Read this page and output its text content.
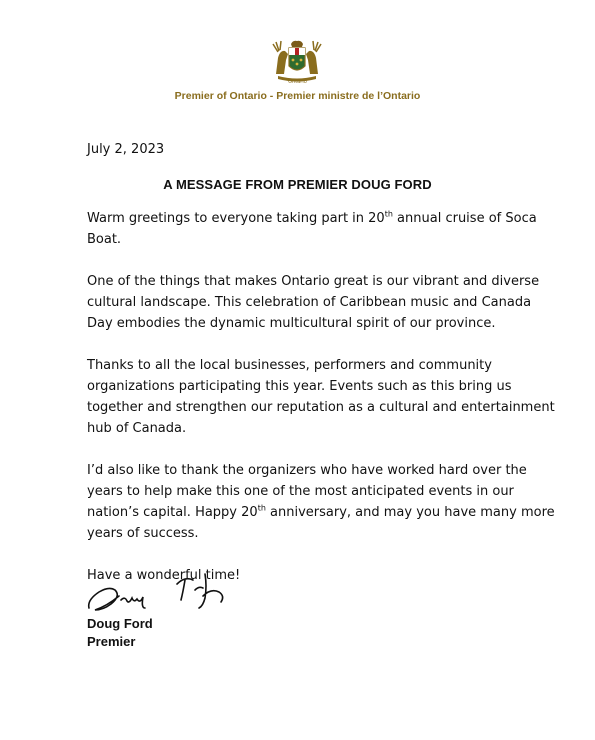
Ontario
Premier of Ontario - Premier ministre de l’Ontario
July 2, 2023
A MESSAGE FROM PREMIER DOUG FORD

Warm greetings to everyone taking part in 20th annual cruise of Soca Boat.

One of the things that makes Ontario great is our vibrant and diverse cultural landscape. This celebration of Caribbean music and Canada Day embodies the dynamic multicultural spirit of our province.

Thanks to all the local businesses, performers and community organizations participating this year. Events such as this bring us together and strengthen our reputation as a cultural and entertainment hub of Canada.

I’d also like to thank the organizers who have worked hard over the years to help make this one of the most anticipated events in our nation’s capital. Happy 20th anniversary, and may you have many more years of success.

Have a wonderful time!

Doug Ford
Premier
